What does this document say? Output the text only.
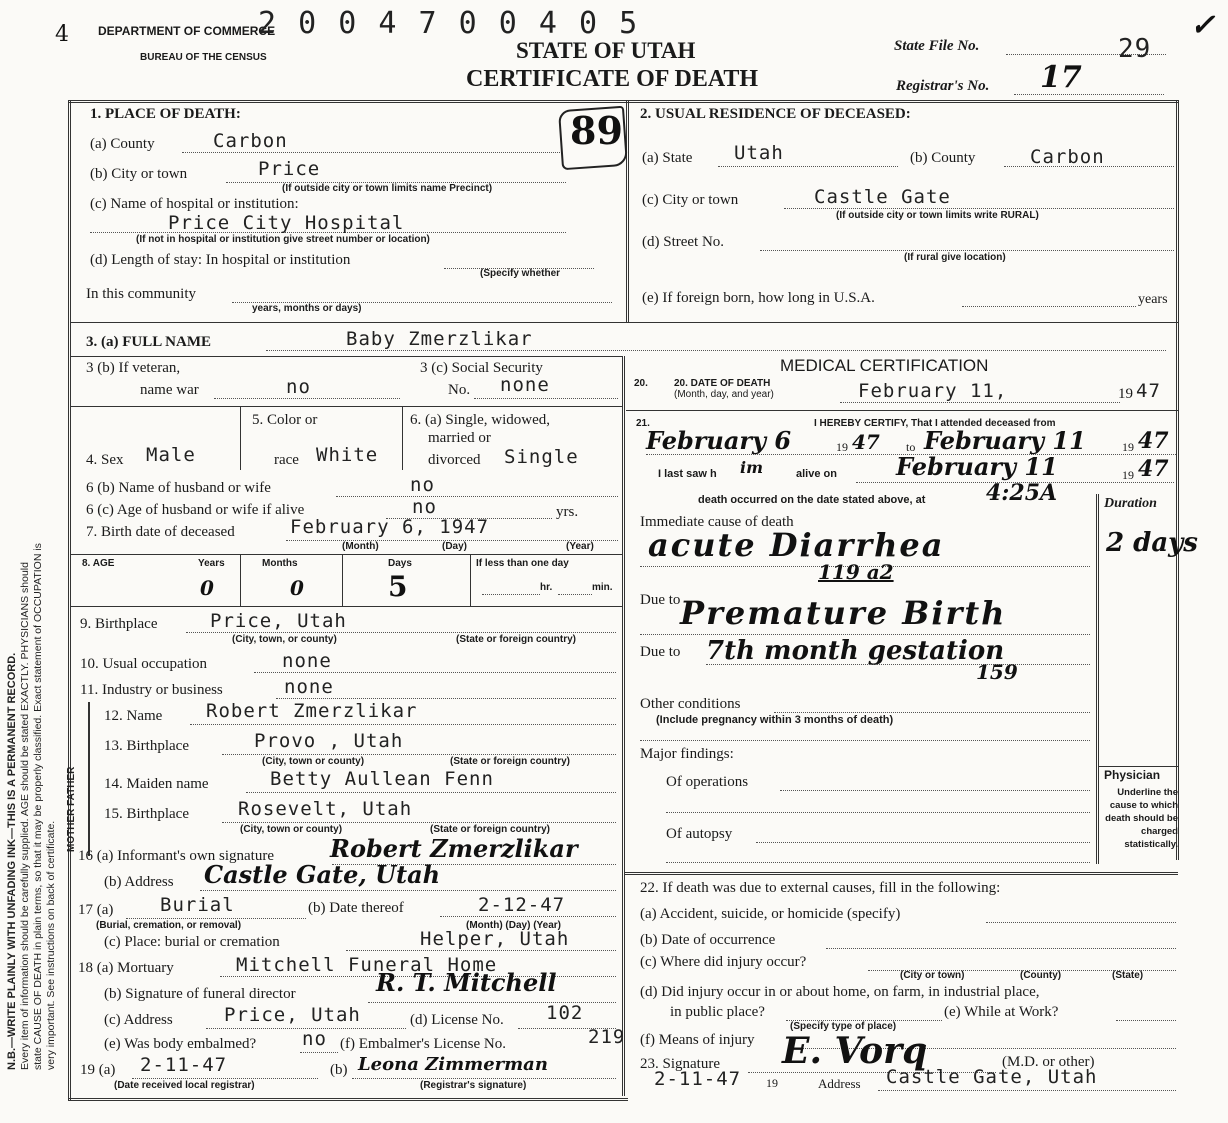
4 DEPARTMENT OF COMMERCE
BUREAU OF THE CENSUS
2 0 0 4 7 0 0 4 0 5
STATE OF UTAH
CERTIFICATE OF DEATH
State File No.	29
Registrar's No. 17
✓
N.B.—WRITE PLAINLY WITH UNFADING INK—THIS IS A PERMANENT RECORD. Every item of information should be carefully supplied. AGE should be stated EXACTLY. PHYSICIANS should state CAUSE OF DEATH in plain terms, so that it may be properly classified. Exact statement of OCCUPATION is very important. See instructions on back of certificate.
1. PLACE OF DEATH:
(a) County	Carbon
(b) City or town	Price
(If outside city or town limits name Precinct)
(c) Name of hospital or institution:
Price City Hospital
(If not in hospital or institution give street number or location)
(d) Length of stay: In hospital or institution
(Specify whether
In this community
years, months or days)
89 2. USUAL RESIDENCE OF DECEASED:
(a) State Utah	(b) County	Carbon
(c) City or town	Castle Gate
(If outside city or town limits write RURAL)
(d) Street No.
(If rural give location)
(e) If foreign born, how long in U.S.A.	years
3. (a) FULL NAME	Baby Zmerzlikar
3 (b) If veteran,
name war	no
3 (c) Social Security
No. none
5. Color or
race White
6. (a) Single, widowed,
married or
divorced Single
4. Sex Male
6 (b) Name of husband or wife	no
6 (c) Age of husband or wife if alive	no	yrs.
7. Birth date of deceased	February 6, 1947
(Month)	(Day)	(Year)
8. AGE	Years	Months	Days	If less than one day
hr.	min.
0	0	5
9. Birthplace	Price, Utah
(City, town, or county)	(State or foreign country)
10. Usual occupation	none
11. Industry or business	none
MOTHER FATHER
12. Name Robert Zmerzlikar
13. Birthplace	Provo , Utah
(City, town or county)	(State or foreign country)
14. Maiden name	Betty Aullean Fenn
15. Birthplace	Rosevelt, Utah
(City, town or county)	(State or foreign country)
16 (a) Informant's own signature Robert Zmerzlikar
(b) Address Castle Gate, Utah
17 (a) Burial
(Burial, cremation, or removal)
(b) Date thereof	2-12-47
(Month) (Day) (Year)
(c) Place: burial or cremation	Helper, Utah
18 (a) Mortuary	Mitchell Funeral Home
(b) Signature of funeral director	R. T. Mitchell
(c) Address	Price, Utah	(d) License No. 102
(e) Was body embalmed? no (f) Embalmer's License No.	219
19 (a) 2-11-47
(Date received local registrar)
(b) Leona Zimmerman
(Registrar's signature)
MEDICAL CERTIFICATION
20.	20. DATE OF DEATH
(Month, day, and year)	February 11,	19 47
21.	I HEREBY CERTIFY, That I attended deceased from
February 6	19 47 to February 11	19 47
I last saw h im	alive on February 11	19 47
death occurred on the date stated above, at	4:25A	Duration
Immediate cause of death
acute Diarrhea	2 days
119 a2
Due to Premature Birth
Due to 7th month gestation
159
Other conditions
(Include pregnancy within 3 months of death)
Major findings:
Of operations
Of autopsy
Physician
Underline the cause to which death should be charged statistically.
22. If death was due to external causes, fill in the following:
(a) Accident, suicide, or homicide (specify)
(b) Date of occurrence
(c) Where did injury occur?
(City or town)	(County)	(State)
(d) Did injury occur in or about home, on farm, in industrial place,
in public place?
(Specify type of place)
(e) While at Work?
(f) Means of injury
23. Signature E. Vorq	(M.D. or other)
2-11-47 19	Address Castle Gate, Utah
